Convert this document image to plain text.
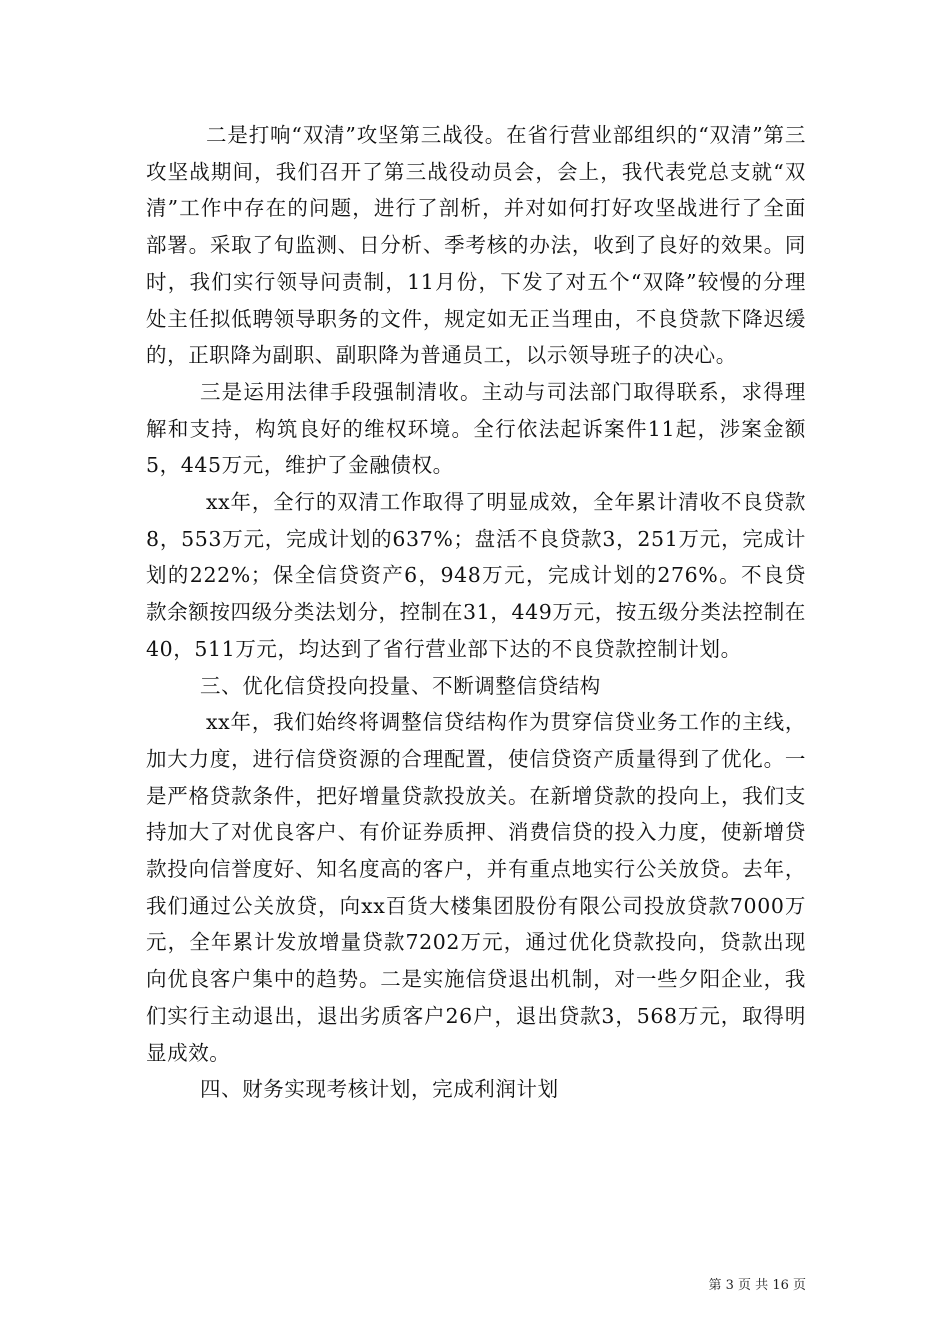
二是打响“双清”攻坚第三战役。在省行营业部组织的“双清”第三攻坚战期间，我们召开了第三战役动员会，会上，我代表党总支就“双清”工作中存在的问题，进行了剖析，并对如何打好攻坚战进行了全面部署。采取了旬监测、日分析、季考核的办法，收到了良好的效果。同时，我们实行领导问责制，11月份，下发了对五个“双降”较慢的分理处主任拟低聘领导职务的文件，规定如无正当理由，不良贷款下降迟缓的，正职降为副职、副职降为普通员工，以示领导班子的决心。

三是运用法律手段强制清收。主动与司法部门取得联系，求得理解和支持，构筑良好的维权环境。全行依法起诉案件11起，涉案金额5，445万元，维护了金融债权。

xx年，全行的双清工作取得了明显成效，全年累计清收不良贷款8，553万元，完成计划的637%；盘活不良贷款3，251万元，完成计划的222%；保全信贷资产6，948万元，完成计划的276%。不良贷款余额按四级分类法划分，控制在31，449万元，按五级分类法控制在40，511万元，均达到了省行营业部下达的不良贷款控制计划。

三、优化信贷投向投量、不断调整信贷结构

xx年，我们始终将调整信贷结构作为贯穿信贷业务工作的主线，加大力度，进行信贷资源的合理配置，使信贷资产质量得到了优化。一是严格贷款条件，把好增量贷款投放关。在新增贷款的投向上，我们支持加大了对优良客户、有价证券质押、消费信贷的投入力度，使新增贷款投向信誉度好、知名度高的客户，并有重点地实行公关放贷。去年，我们通过公关放贷，向xx百货大楼集团股份有限公司投放贷款7000万元，全年累计发放增量贷款7202万元，通过优化贷款投向，贷款出现向优良客户集中的趋势。二是实施信贷退出机制，对一些夕阳企业，我们实行主动退出，退出劣质客户26户，退出贷款3，568万元，取得明显成效。

四、财务实现考核计划，完成利润计划

第 3 页 共 16 页
